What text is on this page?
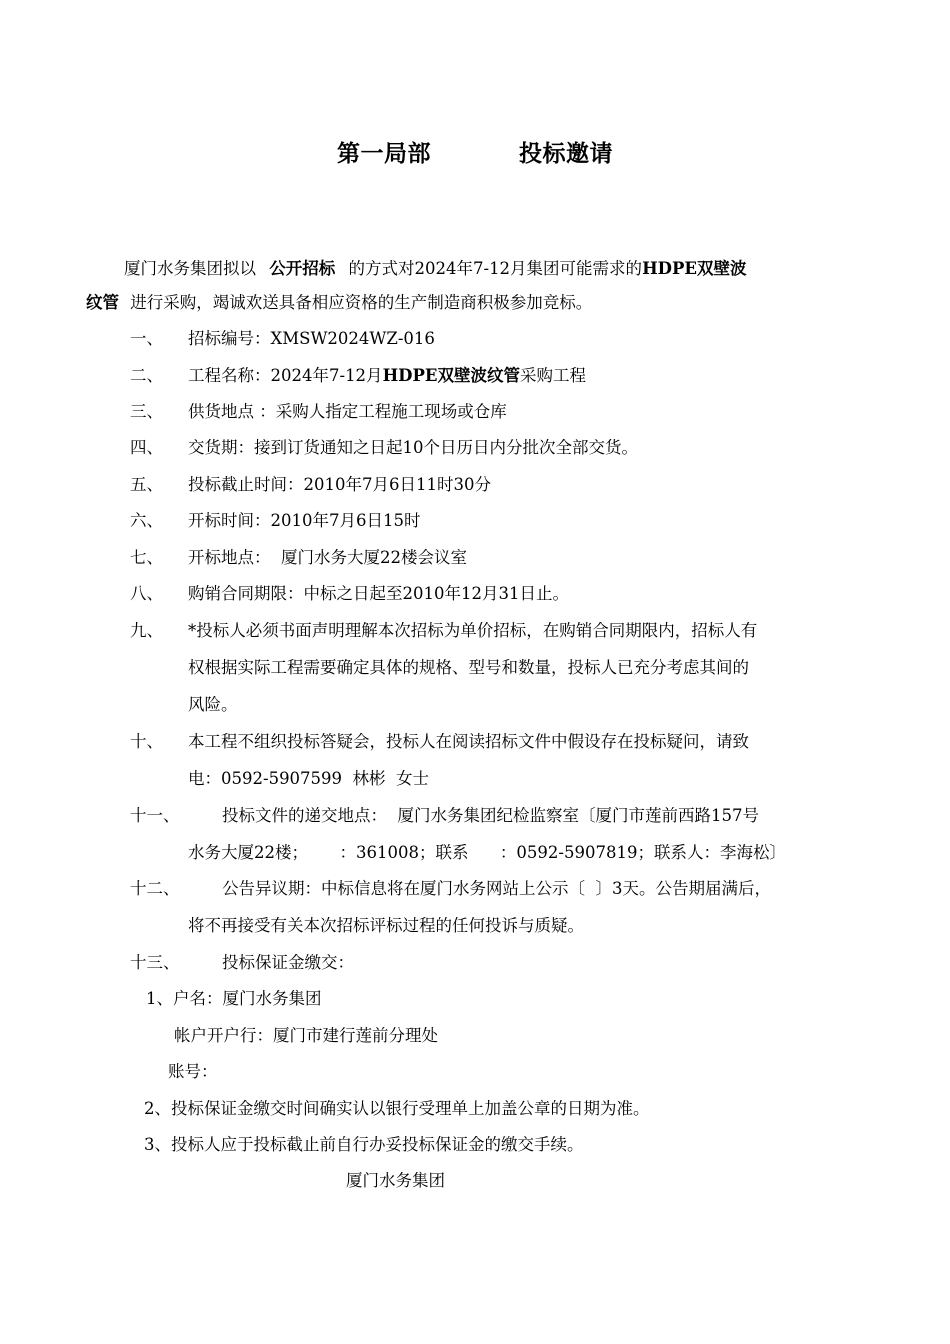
第一局部	投标邀请
厦门水务集团拟以 公开招标 的方式对2024年7-12月集团可能需求的HDPE双壁波
纹管 进行采购，竭诚欢送具备相应资格的生产制造商积极参加竞标。
一、 招标编号：XMSW2024WZ-016
二、 工程名称：2024年7-12月HDPE双壁波纹管采购工程
三、 供货地点 ：采购人指定工程施工现场或仓库
四、 交货期：接到订货通知之日起10个日历日内分批次全部交货。
五、 投标截止时间：2010年7月6日11时30分
六、 开标时间：2010年7月6日15时
七、 开标地点：  厦门水务大厦22楼会议室
八、 购销合同期限：中标之日起至2010年12月31日止。
九、 *投标人必须书面声明理解本次招标为单价招标，在购销合同期限内，招标人有
权根据实际工程需要确定具体的规格、型号和数量，投标人已充分考虑其间的
风险。
十、 本工程不组织投标答疑会，投标人在阅读招标文件中假设存在投标疑问，请致
电：0592-5907599  林彬  女士
十一、	投标文件的递交地点：  厦门水务集团纪检监察室〔厦门市莲前西路157号
水务大厦22楼；      ：361008；联系      ：0592-5907819；联系人：李海松〕
十二、	公告异议期：中标信息将在厦门水务网站上公示〔  〕3天。公告期届满后，
将不再接受有关本次招标评标过程的任何投诉与质疑。
十三、	投标保证金缴交：
1、户名：厦门水务集团
帐户开户行：厦门市建行莲前分理处
账号：
2、投标保证金缴交时间确实认以银行受理单上加盖公章的日期为准。
3、投标人应于投标截止前自行办妥投标保证金的缴交手续。
厦门水务集团
